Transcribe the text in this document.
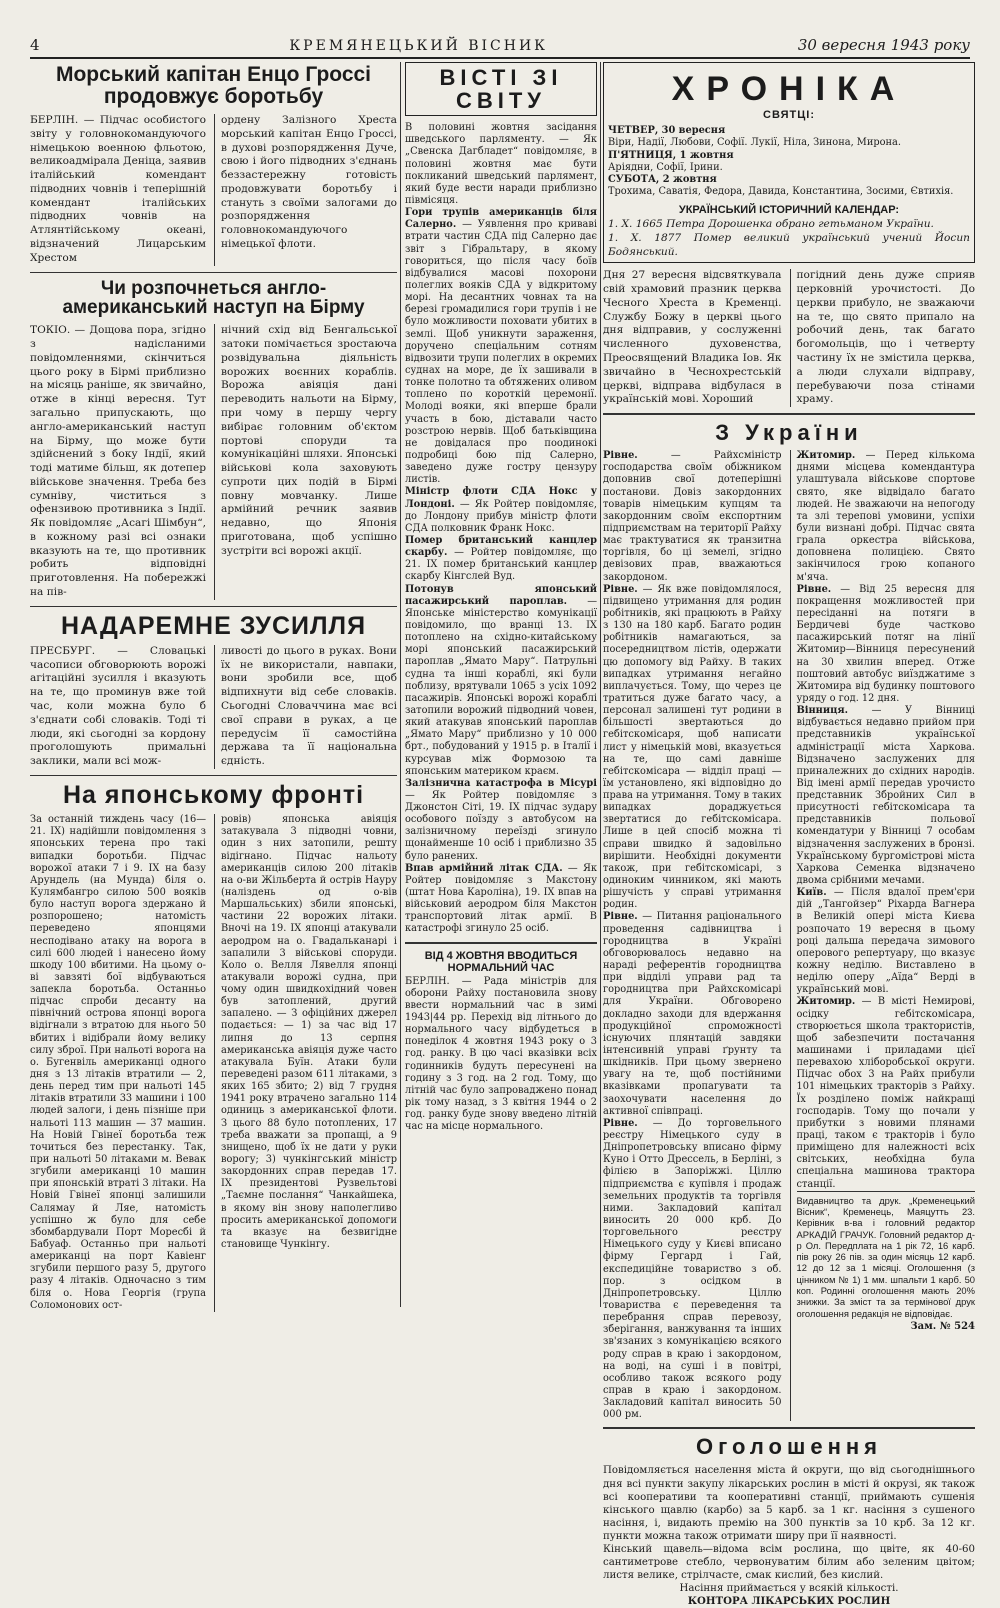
4	КРЕМЯНЕЦЬКИЙ ВІСНИК	30 вересня 1943 року
Морський капітан Енцо Гроссі продовжує боротьбу

БЕРЛІН. — Підчас особистого звіту у головнокомандуючого німецькою военною фльотою, великоадмірала Деніца, заявив італійський комендант підводних човнів і теперішній комендант італійських підводних човнів на Атлянтійському океані, відзначений Лицарським Хрестом

ордену Залізного Хреста морський капітан Енцо Гроссі, в духові розпорядження Дуче, свою і його підводних з'єднань беззастережну готовість продовжувати боротьбу і стануть з своїми залогами до розпорядження головнокомандуючого німецької флоти.

Чи розпочнеться англо-американський наступ на Бірму

ТОКІО. — Дощова пора, згідно з надісланими повідомленнями, скінчиться цього року в Бірмі приблизно на місяць раніше, як звичайно, отже в кінці вересня. Тут загально припускають, що англо-американський наступ на Бірму, що може бути здійснений з боку Індії, який тоді матиме більш, як дотепер військове значення. Треба без сумніву, чиститься з офензивою противника з Індії. Як повідомляє „Асагі Шімбун“, в кожному разі всі ознаки вказують на те, що противник робить відповідні приготовлення. На побережжі на пів-

нічний схід від Бенгальської затоки помічається зростаюча розвідувальна діяльність ворожих воєнних кораблів. Ворожа авіяція дані переводить нальоти на Бірму, при чому в першу чергу вибірає головним об'єктом портові споруди та комунікаційні шляхи. Японські військові кола заховують супроти цих подій в Бірмі повну мовчанку. Лише армійний речник заявив недавно, що Японія приготована, щоб успішно зустріти всі ворожі акції.

НАДАРЕМНЕ ЗУСИЛЛЯ

ПРЕСБУРГ. — Словацькі часописи обговорюють ворожі агітаційні зусилля і вказують на те, що проминув вже той час, коли можна було б з'єднати собі словаків. Тоді ті люди, які сьогодні за кордону проголошують примальні заклики, мали всі мож-

ливості до цього в руках. Вони їх не використали, навпаки, вони зробили все, щоб відпихнути від себе словаків. Сьогодні Словаччина має всі свої справи в руках, а це передусім її самостійна держава та її національна єдність.

На японському фронті

За останній тиждень часу (16—21. IX) надійшли повідомлення з японських терена про такі випадки боротьби. Підчас ворожої атаки 7 і 9. IX на базу Арундель (на Мунда) біля о. Кулямбангро силою 500 вояків було наступ ворога здержано й розпорошено; натомість переведено японцями несподівано атаку на ворога в силі 600 людей і нанесено йому шкоду 100 вбитими. На цьому о-ві завзяті бої відбуваються запекла боротьба. Останньо підчас спроби десанту на північний острова японці ворога відігнали з втратою для нього 50 вбитих і відібрали йому велику силу зброї. При нальоті ворога на о. Бугенвіль американці одного дня з 13 літаків втратили — 2, день перед тим при нальоті 145 літаків втратили 33 машини і 100 людей залоги, і день пізніше при нальоті 113 машин — 37 машин. На Новій Гвінеї боротьба теж точиться без перестанку. Так, при нальоті 50 літаками м. Вевак згубили американці 10 машин при японській втраті 3 літаки. На Новій Гвінеї японці залишили Салямау й Ляе, натомість успішно ж було для себе збомбардували Порт Моресбі й Бабуаф. Останньо при нальоті американці на порт Кавіенг згубили першого разу 5, другого разу 4 літаків. Одночасно з тим біля о. Нова Георгія (група Соломонових ост-

ровів) японська авіяція затакувала 3 підводні човни, один з них затопили, решту відігнано. Підчас нальоту американців силою 200 літаків на о-ви Жільберта й острів Науру (наліздень од о-вів Маршальських) збили японські, частини 22 ворожих літаки. Вночі на 19. IX японці атакували аеродром на о. Гвадальканарі і запалили 3 військові споруди. Коло о. Велля Лявелля японці атакували ворожі судна, при чому один швидкохідний човен був затоплений, другий запалено. — З офіційних джерел подається: — 1) за час від 17 липня до 13 серпня американська авіяція дуже часто атакувала Буїн. Атаки були переведені разом 611 літаками, з яких 165 збито; 2) від 7 грудня 1941 року втрачено загально 114 одиниць з американської флоти. З цього 88 було потоплених, 17 треба вважати за пропащі, а 9 знищено, щоб їх не дати у руки ворогу; 3) чункінгський міністр закордонних справ передав 17. IX президентові Рузвельтові „Таємне послання“ Чанкайшека, в якому він знову наполегливо просить американської допомоги та вказує на безвигідне становище Чункінгу.

ВІСТІ ЗІ СВІТУ

В половині жовтня засідання шведського парляменту. — Як „Свенска Дагбладет“ повідомляє, в половині жовтня має бути покликаний шведський парлямент, який буде вести наради приблизно півмісяця.

Гори трупів американців біля Салерно. — Уявлення про криваві втрати частин СДА під Салерно дає звіт з Гібральтару, в якому говориться, що після часу боїв відбувалися масові похорони полеглих вояків СДА у відкритому морі. На десантних човнах та на березі громадилися гори трупів і не було можливости поховати убитих в землі. Щоб уникнути зараження, доручено спеціальним сотням відвозити трупи полеглих в окремих суднах на море, де їх зашивали в тонке полотно та обтяжених оливом топлено по короткій церемонії. Молоді вояки, які вперше брали участь в бою, діставали часто розстрою нервів. Щоб батьківщина не довідалася про поодинокі подробиці бою під Салерно, заведено дуже гостру цензуру листів.

Міністр флоти СДА Нокс у Лондоні. — Як Ройтер повідомляє, до Лондону прибув міністр флоти СДА полковник Франк Нокс.

Помер британський канцлер скарбу. — Ройтер повідомляє, що 21. IX помер британський канцлер скарбу Кінгслей Вуд.

Потонув японський пасажирський пароплав. — Японське міністерство комунікації повідомило, що вранці 13. IX потоплено на східно-китайському морі японський пасажирський пароплав „Ямато Мару“. Патрульні судна та інші кораблі, які були поблизу, врятували 1065 з усіх 1092 пасажирів. Японські ворожі кораблі затопили ворожий підводний човен, який атакував японський пароплав „Ямато Мару“ приблизно у 10 000 брт., побудований у 1915 р. в Італії і курсував між Формозою та японським материком краєм.

Залізнична катастрофа в Місурі — Як Ройтер повідомляє з Джонстон Сіті, 19. IX підчас зудару особового поїзду з автобусом на залізничному переїзді згинуло щонайменше 10 осіб і приблизно 35 було ранених.

Впав армійний літак СДА. — Як Ройтер повідомляє з Макстону (штат Нова Кароліна), 19. IX впав на військовий аеродром біля Макстон транспортовий літак армії. В катастрофі згинуло 25 осіб.

ВІД 4 ЖОВТНЯ ВВОДИТЬСЯ НОРМАЛЬНИЙ ЧАС

БЕРЛІН. — Рада міністрів для оборони Райху постановила знову ввести нормальний час в зимі 1943|44 рр. Перехід від літнього до нормального часу відбудеться в понеділок 4 жовтня 1943 року о 3 год. ранку. В цю часі вказівки всіх годинників будуть пересунені на годину з 3 год. на 2 год. Тому, що літній час було запроваджено понад рік тому назад, з 3 квітня 1944 о 2 год. ранку буде знову введено літній час на місце нормального.

ХРОНІКА
СВЯТЦІ:

ЧЕТВЕР, 30 вересня
Віри, Надії, Любови, Софії. Лукії, Ніла, Зинона, Мирона.

П'ЯТНИЦЯ, 1 жовтня
Аріядни, Софії, Ірини.

СУБОТА, 2 жовтня
Трохима, Саватія, Федора, Давида, Константина, Зосими, Євтихія.

УКРАЇНСЬКИЙ ІСТОРИЧНИЙ КАЛЕНДАР:

1. Х. 1665 Петра Дорошенка обрано гетьманом України.

1. Х. 1877 Помер великий український учений Йосип Бодянський.

Дня 27 вересня відсвяткувала свій храмовий празник церква Чесного Хреста в Кременці. Службу Божу в церкві цього дня відправив, у сослуженні численного духовенства, Преосвящений Владика Іов. Як звичайно в Чеснохрестській церкві, відправа відбулася в українській мові. Хороший

погідний день дуже сприяв церковній урочистості. До церкви прибуло, не зважаючи на те, що свято припало на робочий день, так багато богомольців, що і четверту частину їх не змістила церква, а люди слухали відправу, перебуваючи поза стінами храму.

З України

Рівне.	— Райхсміністр господарства своїм обіжником доповнив свої дотеперішні постанови. Довіз закордонних товарів німецьким купцям та закордонним своїм експортним підприємствам на території Райху має трактуватися як транзитна торгівля, бо ці земелі, згідно девізових прав, вважаються закордоном.

Рівне. — Як вже повідомлялося, підвищено утримання для родин робітників, які працюють в Райху з 130 на 180 карб. Багато родин робітників намагаються, за посередництвом лістів, одержати цю допомогу від Райху. В таких випадках утримання негайно виплачується. Тому, що через це тратиться дуже багато часу, а персонал залишені тут родини в більшості звертаються до гебітскомісаря, щоб написати лист у німецькій мові, вказується на те, що самі давніше гебітскомісара — відділ праці — їм установлено, які відповідно до права на утримання. Тому в таких випадках дораджується звертатися до гебітскомісара. Лише в цей спосіб можна ті справи швидко й задовільно вирішити. Необхідні документи також, при гебітскомісарі, з одиноким чинником, які мають рішучість у справі утримання родин.

Рівне. — Питання раціонального проведення садівництва і городництва в Україні обговорювалось недавно на нараді референтів городництва при відділі управи рад та городництва при Райхскомісарі для України. Обговорено докладно заходи для вдержання продукційної спроможності існуючих плянтацій завдяки інтенсивній управі ґрунту та шкідників. При цьому звернено увагу на те, щоб постійними вказівками пропагувати та заохочувати населення до активної співпраці.

Рівне. — До торговельного реєстру Німецького суду в Дніпропетровську вписано фірму Куно і Отто Дрессель, в Берліні, з філією в Запоріжжі. Ціллю підприємства є купівля і продаж земельних продуктів та торгівля ними. Закладовий капітал виносить 20 000 крб. До торговельного реєстру Німецького суду у Києві вписано фірму Гергард і Гай, експедиційне товариство з об. пор. з осідком в Дніпропетровську. Ціллю товариства є переведення та перебрання справ перевозу, зберігання, ванжування та інших зв'язаних з комунікацією всякого роду справ в краю і закордоном, на воді, на суші і в повітрі, особливо також всякого роду справ в краю і закордоном. Закладовий капітал виносить 50 000 рм.

Житомир. — Перед кількома днями місцева комендантура улаштувала військове спортове свято, яке відвідало багато людей. Не зважаючи на непогоду та злі терепові умовини, успіхи були визнані добрі. Підчас свята грала оркестра військова, доповнена полицією. Свято закінчилося грою копаного м'яча.

Рівне. — Від 25 вересня для покращення можливостей при пересіданні на потяги в Бердичеві буде частково пасажирський потяг на лінії Житомир—Вінниця пересунений на 30 хвилин вперед. Отже поштовий автобус виїзджатиме з Житомира від будинку поштового уряду о год. 12 дня.

Вінниця. — У Вінниці відбувається недавно прийом при представників української адміністрації міста Харкова. Відзначено заслужених для приналежних до східних народів. Від імені армії передав урочисто представник Збройних Сил в присутності гебітскомісара та представників польової комендатури у Вінниці 7 особам відзначення заслужених в бронзі. Українському бургомістрові міста Харкова Семенка відзначено двома срібними мечами.

Київ. — Після вдалої прем'єри дій „Тангойзер“ Ріхарда Вагнера в Великій опері міста Києва розпочато 19 вересня в цьому році дальша передача зимового оперового репертуару, що вказує кожну неділю. Виставлено в неділю оперу „Аїда“ Верді в український мові.

Житомир. — В місті Немирові, осідку гебітскомісара, створюється школа трактористів, щоб забезпечити постачання машинами і приладами цієї перевахою хліборобської округи. Підчас обох 3 на Райх прибули 101 німецьких тракторів з Райху. Їх розділено поміж найкращі господарів. Тому що почали у прибутки з новими плянами праці, таком є тракторів і було приміщено для належності всіх світських, необхідна була спеціальна машинова трактора станції.

Видавництво та друк. „Кременецький Вісник“, Кременець, Маяцутть 23. Керівник в-ва і головний редактор АРКАДІЙ ГРАЧУК. Головний редактор д-р Ол. Передплата на 1 рік 72, 16 карб. пів року 26 пів. за один місяць 12 карб. 12 до 12 за 1 місяці. Оголошення (з цінником № 1) 1 мм. шпальти 1 карб. 50 коп. Родинні оголошення мають 20% знижки. За зміст та за термінової друк оголошення редакція не відповідає.
Зам. № 524
Оголошення

Повідомляється населення міста й округи, що від сьогоднішнього дня всі пункти закупу лікарських рослин в місті й окрузі, як також всі кооперативи та кооперативні станції, приймають сушенія кінського щавлю (карбо) за 5 карб. за 1 кг. насіння з сушеного насіння, і, видають премію на 300 пунктів за 10 крб. За 12 кг. пункти можна також отримати ширу при її наявності.

Кінський щавель—відома всім рослина, що цвіте, як 40-60 сантиметрове стебло, червонуватим бiлим або зеленим цвітом; листя велике, стрілчасте, смак кислий, без кислий.

Насіння приймається у всякій кількості.

КОНТОРА ЛІКАРСЬКИХ РОСЛИН
